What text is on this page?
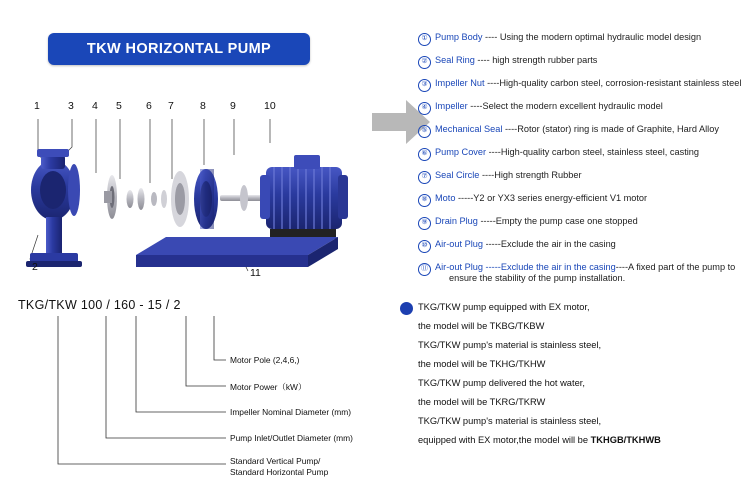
TKW HORIZONTAL PUMP
1	3 4 5 6 7 8 9	10
2	11
① Pump Body ---- Using the modern optimal hydraulic model design
② Seal Ring ---- high strength rubber parts
③ Impeller Nut ----High-quality carbon steel, corrosion-resistant stainless steel
④ Impeller ----Select the modern excellent hydraulic model
⑤ Mechanical Seal ----Rotor (stator) ring is made of Graphite, Hard Alloy
⑥ Pump Cover ----High-quality carbon steel, stainless steel, casting
⑦ Seal Circle ----High strength Rubber
⑧ Moto -----Y2 or YX3 series energy-efficient V1 motor
⑨ Drain Plug -----Empty the pump case one stopped
⑩ Air-out Plug -----Exclude the air in the casing
⑪ Air-out Plug -----Exclude the air in the casing----A fixed part of the pump to
ensure the stability of the pump installation.
TKG/TKW 100 / 160 - 15 / 2
Motor Pole (2,4,6,)
Motor Power（kW）
Impeller Nominal Diameter (mm)
Pump Inlet/Outlet Diameter (mm)
Standard Vertical Pump/
Standard Horizontal Pump

TKG/TKW pump equipped with EX motor,

the model will be TKBG/TKBW

TKG/TKW pump's material is stainless steel,

the model will be TKHG/TKHW

TKG/TKW pump delivered the hot water,

the model will be TKRG/TKRW

TKG/TKW pump's material is stainless steel,

equipped with EX motor,the model will be TKHGB/TKHWB
